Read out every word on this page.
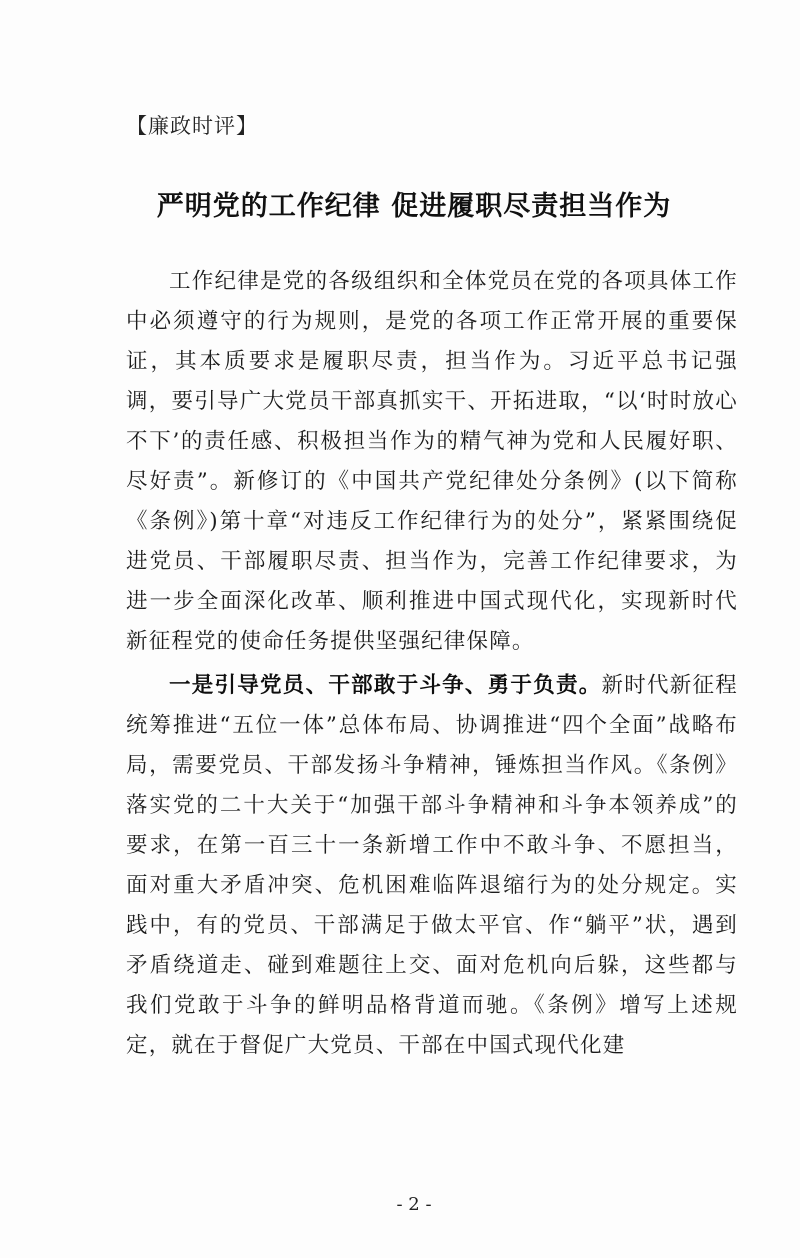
【廉政时评】
严明党的工作纪律 促进履职尽责担当作为

工作纪律是党的各级组织和全体党员在党的各项具体工作中必须遵守的行为规则，是党的各项工作正常开展的重要保证，其本质要求是履职尽责，担当作为。习近平总书记强调，要引导广大党员干部真抓实干、开拓进取，“以‘时时放心不下’的责任感、积极担当作为的精气神为党和人民履好职、尽好责”。新修订的《中国共产党纪律处分条例》(以下简称《条例》)第十章“对违反工作纪律行为的处分”，紧紧围绕促进党员、干部履职尽责、担当作为，完善工作纪律要求，为进一步全面深化改革、顺利推进中国式现代化，实现新时代新征程党的使命任务提供坚强纪律保障。

一是引导党员、干部敢于斗争、勇于负责。新时代新征程统筹推进“五位一体”总体布局、协调推进“四个全面”战略布局，需要党员、干部发扬斗争精神，锤炼担当作风。《条例》落实党的二十大关于“加强干部斗争精神和斗争本领养成”的要求，在第一百三十一条新增工作中不敢斗争、不愿担当，面对重大矛盾冲突、危机困难临阵退缩行为的处分规定。实践中，有的党员、干部满足于做太平官、作“躺平”状，遇到矛盾绕道走、碰到难题往上交、面对危机向后躲，这些都与我们党敢于斗争的鲜明品格背道而驰。《条例》增写上述规定，就在于督促广大党员、干部在中国式现代化建

- 2 -
